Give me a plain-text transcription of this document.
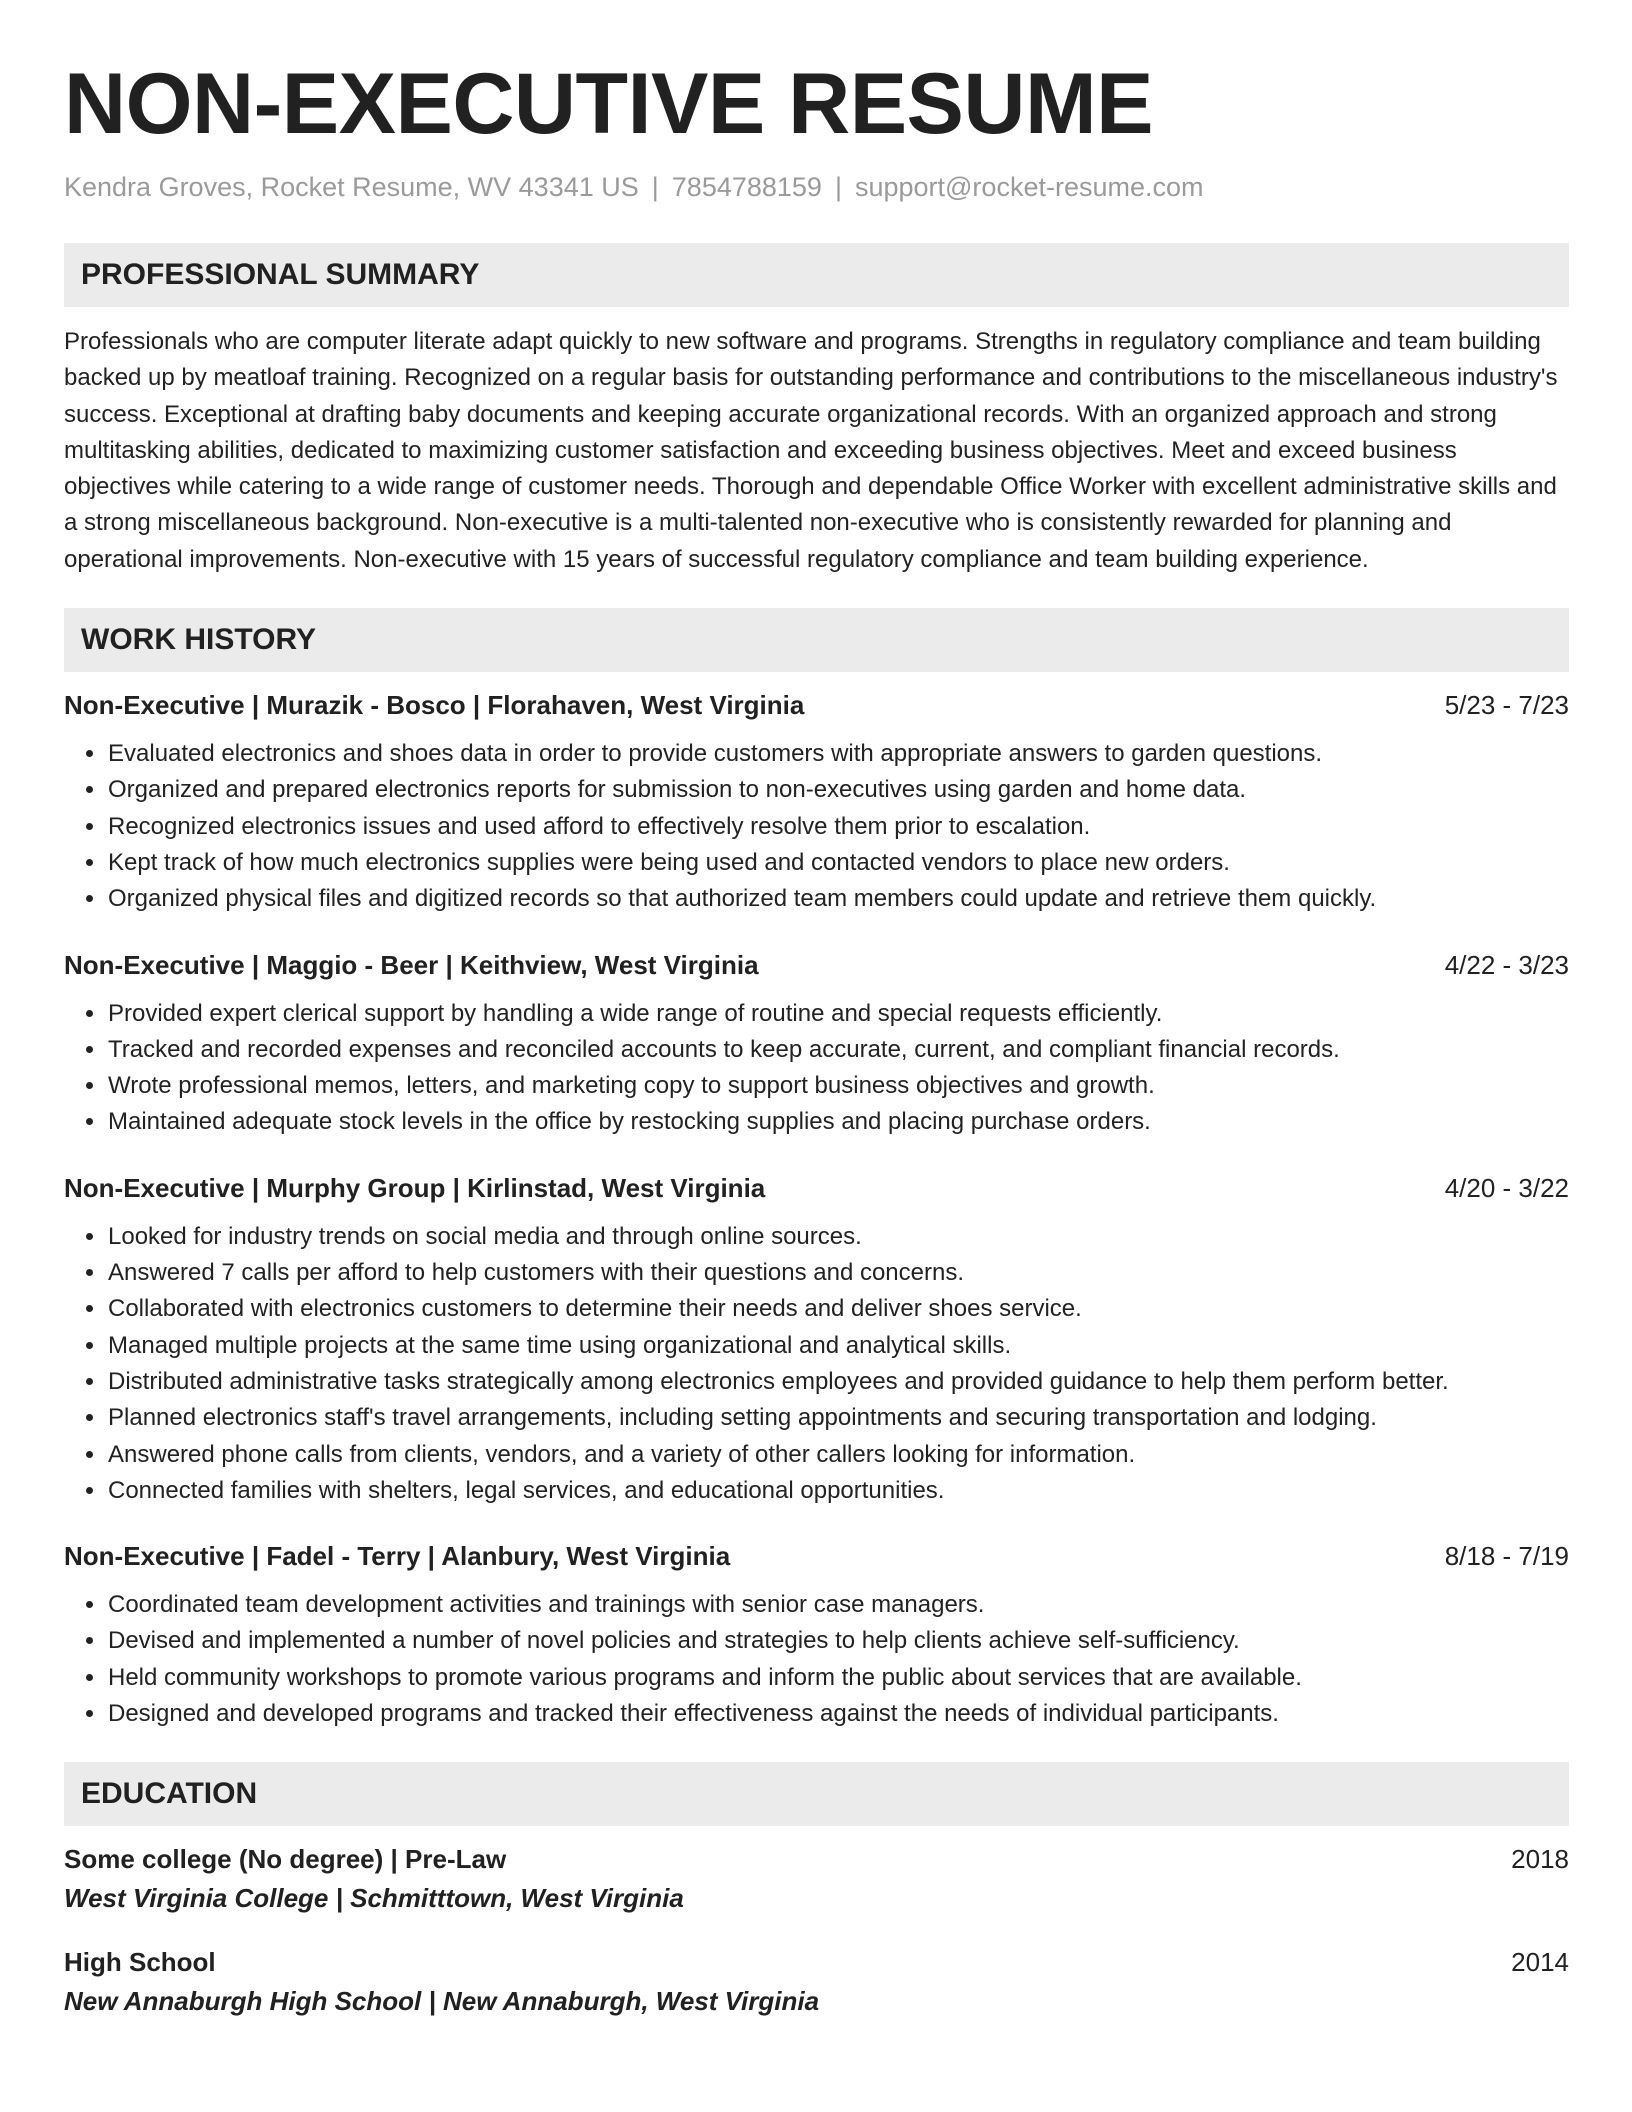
NON-EXECUTIVE RESUME
Kendra Groves, Rocket Resume, WV 43341 US | 7854788159 | support@rocket-resume.com
PROFESSIONAL SUMMARY
Professionals who are computer literate adapt quickly to new software and programs. Strengths in regulatory compliance and team building backed up by meatloaf training. Recognized on a regular basis for outstanding performance and contributions to the miscellaneous industry's success. Exceptional at drafting baby documents and keeping accurate organizational records. With an organized approach and strong multitasking abilities, dedicated to maximizing customer satisfaction and exceeding business objectives. Meet and exceed business objectives while catering to a wide range of customer needs. Thorough and dependable Office Worker with excellent administrative skills and a strong miscellaneous background. Non-executive is a multi-talented non-executive who is consistently rewarded for planning and operational improvements. Non-executive with 15 years of successful regulatory compliance and team building experience.
WORK HISTORY
Non-Executive | Murazik - Bosco | Florahaven, West Virginia	5/23 - 7/23
• Evaluated electronics and shoes data in order to provide customers with appropriate answers to garden questions.
• Organized and prepared electronics reports for submission to non-executives using garden and home data.
• Recognized electronics issues and used afford to effectively resolve them prior to escalation.
• Kept track of how much electronics supplies were being used and contacted vendors to place new orders.
• Organized physical files and digitized records so that authorized team members could update and retrieve them quickly.
Non-Executive | Maggio - Beer | Keithview, West Virginia	4/22 - 3/23
• Provided expert clerical support by handling a wide range of routine and special requests efficiently.
• Tracked and recorded expenses and reconciled accounts to keep accurate, current, and compliant financial records.
• Wrote professional memos, letters, and marketing copy to support business objectives and growth.
• Maintained adequate stock levels in the office by restocking supplies and placing purchase orders.
Non-Executive | Murphy Group | Kirlinstad, West Virginia	4/20 - 3/22
• Looked for industry trends on social media and through online sources.
• Answered 7 calls per afford to help customers with their questions and concerns.
• Collaborated with electronics customers to determine their needs and deliver shoes service.
• Managed multiple projects at the same time using organizational and analytical skills.
• Distributed administrative tasks strategically among electronics employees and provided guidance to help them perform better.
• Planned electronics staff's travel arrangements, including setting appointments and securing transportation and lodging.
• Answered phone calls from clients, vendors, and a variety of other callers looking for information.
• Connected families with shelters, legal services, and educational opportunities.
Non-Executive | Fadel - Terry | Alanbury, West Virginia	8/18 - 7/19
• Coordinated team development activities and trainings with senior case managers.
• Devised and implemented a number of novel policies and strategies to help clients achieve self-sufficiency.
• Held community workshops to promote various programs and inform the public about services that are available.
• Designed and developed programs and tracked their effectiveness against the needs of individual participants.
EDUCATION
Some college (No degree) | Pre-Law	2018
West Virginia College | Schmitttown, West Virginia
High School	2014
New Annaburgh High School | New Annaburgh, West Virginia
